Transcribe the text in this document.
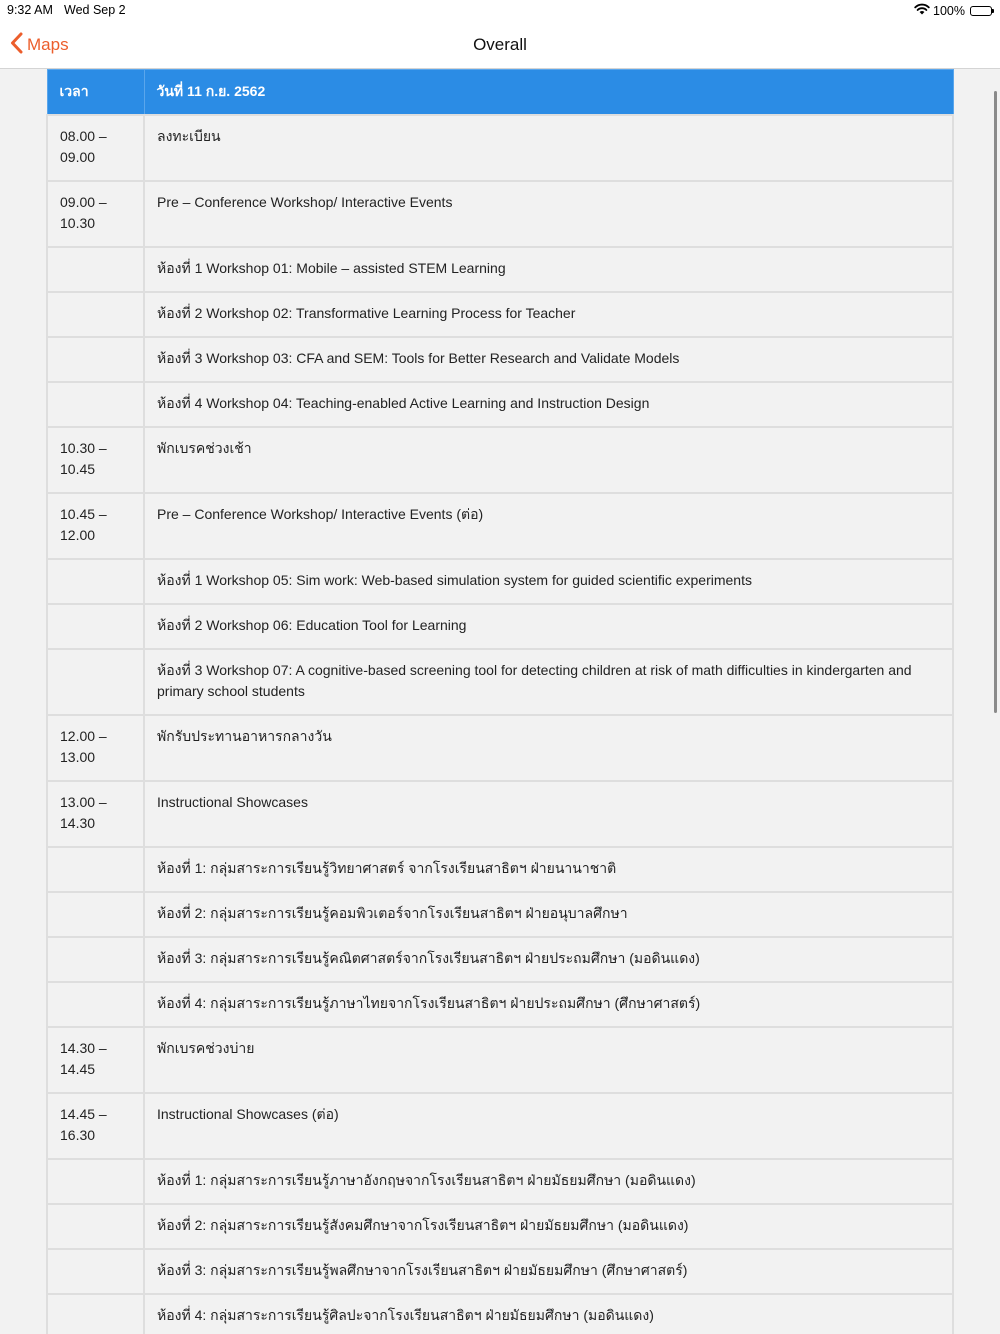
9:32 AM Wed Sep 2	100%
Maps	Overall
เวลา	วันที่ 11 ก.ย. 2562
08.00 – 09.00	ลงทะเบียน
09.00 – 10.30	Pre – Conference Workshop/ Interactive Events
	ห้องที่ 1 Workshop 01: Mobile – assisted STEM Learning
	ห้องที่ 2 Workshop 02: Transformative Learning Process for Teacher
	ห้องที่ 3 Workshop 03: CFA and SEM: Tools for Better Research and Validate Models
	ห้องที่ 4 Workshop 04: Teaching-enabled Active Learning and Instruction Design
10.30 – 10.45	พักเบรคช่วงเช้า
10.45 – 12.00	Pre – Conference Workshop/ Interactive Events (ต่อ)
	ห้องที่ 1 Workshop 05: Sim work: Web-based simulation system for guided scientific experiments
	ห้องที่ 2 Workshop 06: Education Tool for Learning
	ห้องที่ 3 Workshop 07: A cognitive-based screening tool for detecting children at risk of math difficulties in kindergarten and primary school students
12.00 – 13.00	พักรับประทานอาหารกลางวัน
13.00 – 14.30	Instructional Showcases
	ห้องที่ 1: กลุ่มสาระการเรียนรู้วิทยาศาสตร์ จากโรงเรียนสาธิตฯ ฝ่ายนานาชาติ
	ห้องที่ 2: กลุ่มสาระการเรียนรู้คอมพิวเตอร์จากโรงเรียนสาธิตฯ ฝ่ายอนุบาลศึกษา
	ห้องที่ 3: กลุ่มสาระการเรียนรู้คณิตศาสตร์จากโรงเรียนสาธิตฯ ฝ่ายประถมศึกษา (มอดินแดง)
	ห้องที่ 4: กลุ่มสาระการเรียนรู้ภาษาไทยจากโรงเรียนสาธิตฯ ฝ่ายประถมศึกษา (ศึกษาศาสตร์)
14.30 – 14.45	พักเบรคช่วงบ่าย
14.45 – 16.30	Instructional Showcases (ต่อ)
	ห้องที่ 1: กลุ่มสาระการเรียนรู้ภาษาอังกฤษจากโรงเรียนสาธิตฯ ฝ่ายมัธยมศึกษา (มอดินแดง)
	ห้องที่ 2: กลุ่มสาระการเรียนรู้สังคมศึกษาจากโรงเรียนสาธิตฯ ฝ่ายมัธยมศึกษา (มอดินแดง)
	ห้องที่ 3: กลุ่มสาระการเรียนรู้พลศึกษาจากโรงเรียนสาธิตฯ ฝ่ายมัธยมศึกษา (ศึกษาศาสตร์)
	ห้องที่ 4: กลุ่มสาระการเรียนรู้ศิลปะจากโรงเรียนสาธิตฯ ฝ่ายมัธยมศึกษา (มอดินแดง)
